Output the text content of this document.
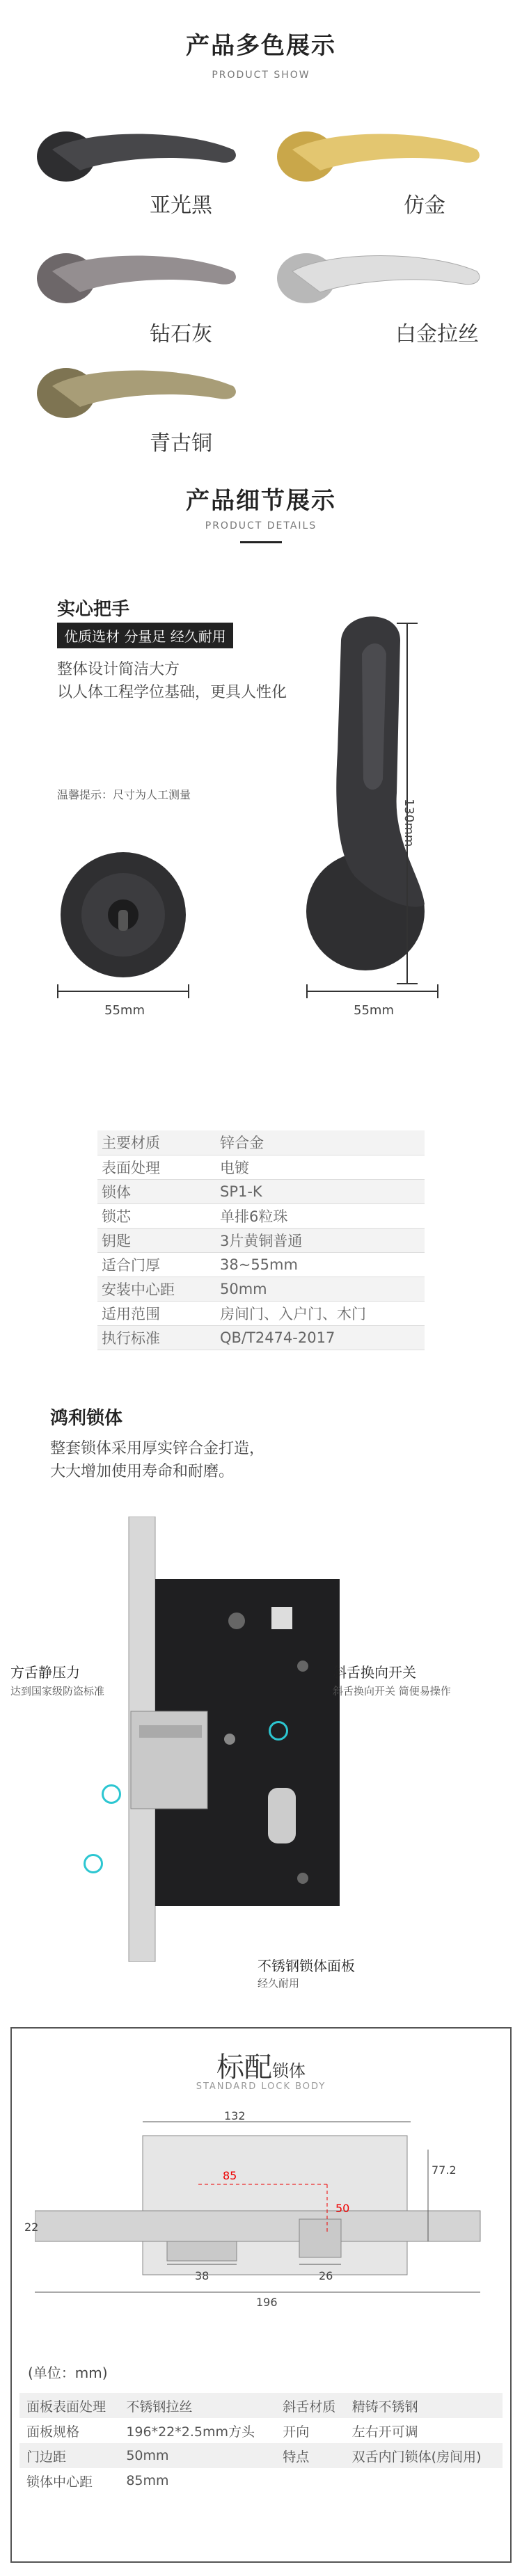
产品多色展示
PRODUCT SHOW
亚光黑	仿金
钻石灰	白金拉丝
青古铜
产品细节展示
PRODUCT DETAILS
实心把手
优质选材 分量足 经久耐用
整体设计简洁大方
以人体工程学位基础，更具人性化
温馨提示：尺寸为人工测量
55mm
130mm
55mm
主要材质	锌合金
表面处理	电镀
锁体	SP1-K
锁芯	单排6粒珠
钥匙	3片黄铜普通
适合门厚	38~55mm
安装中心距	50mm
适用范围	房间门、入户门、木门
执行标准	QB/T2474-2017
鸿利锁体
整套锁体采用厚实锌合金打造，
大大增加使用寿命和耐磨。
方舌静压力
达到国家级防盗标准
斜舌换向开关
斜舌换向开关 简便易操作
不锈钢锁体面板
经久耐用
标配锁体
STANDARD LOCK BODY
132
85	77.2
50
22
38	26
196
(单位：mm)
面板表面处理	不锈钢拉丝	斜舌材质	精铸不锈钢
面板规格	196*22*2.5mm方头	开向	左右开可调
门边距	50mm	特点	双舌内门锁体(房间用)
锁体中心距	85mm		
